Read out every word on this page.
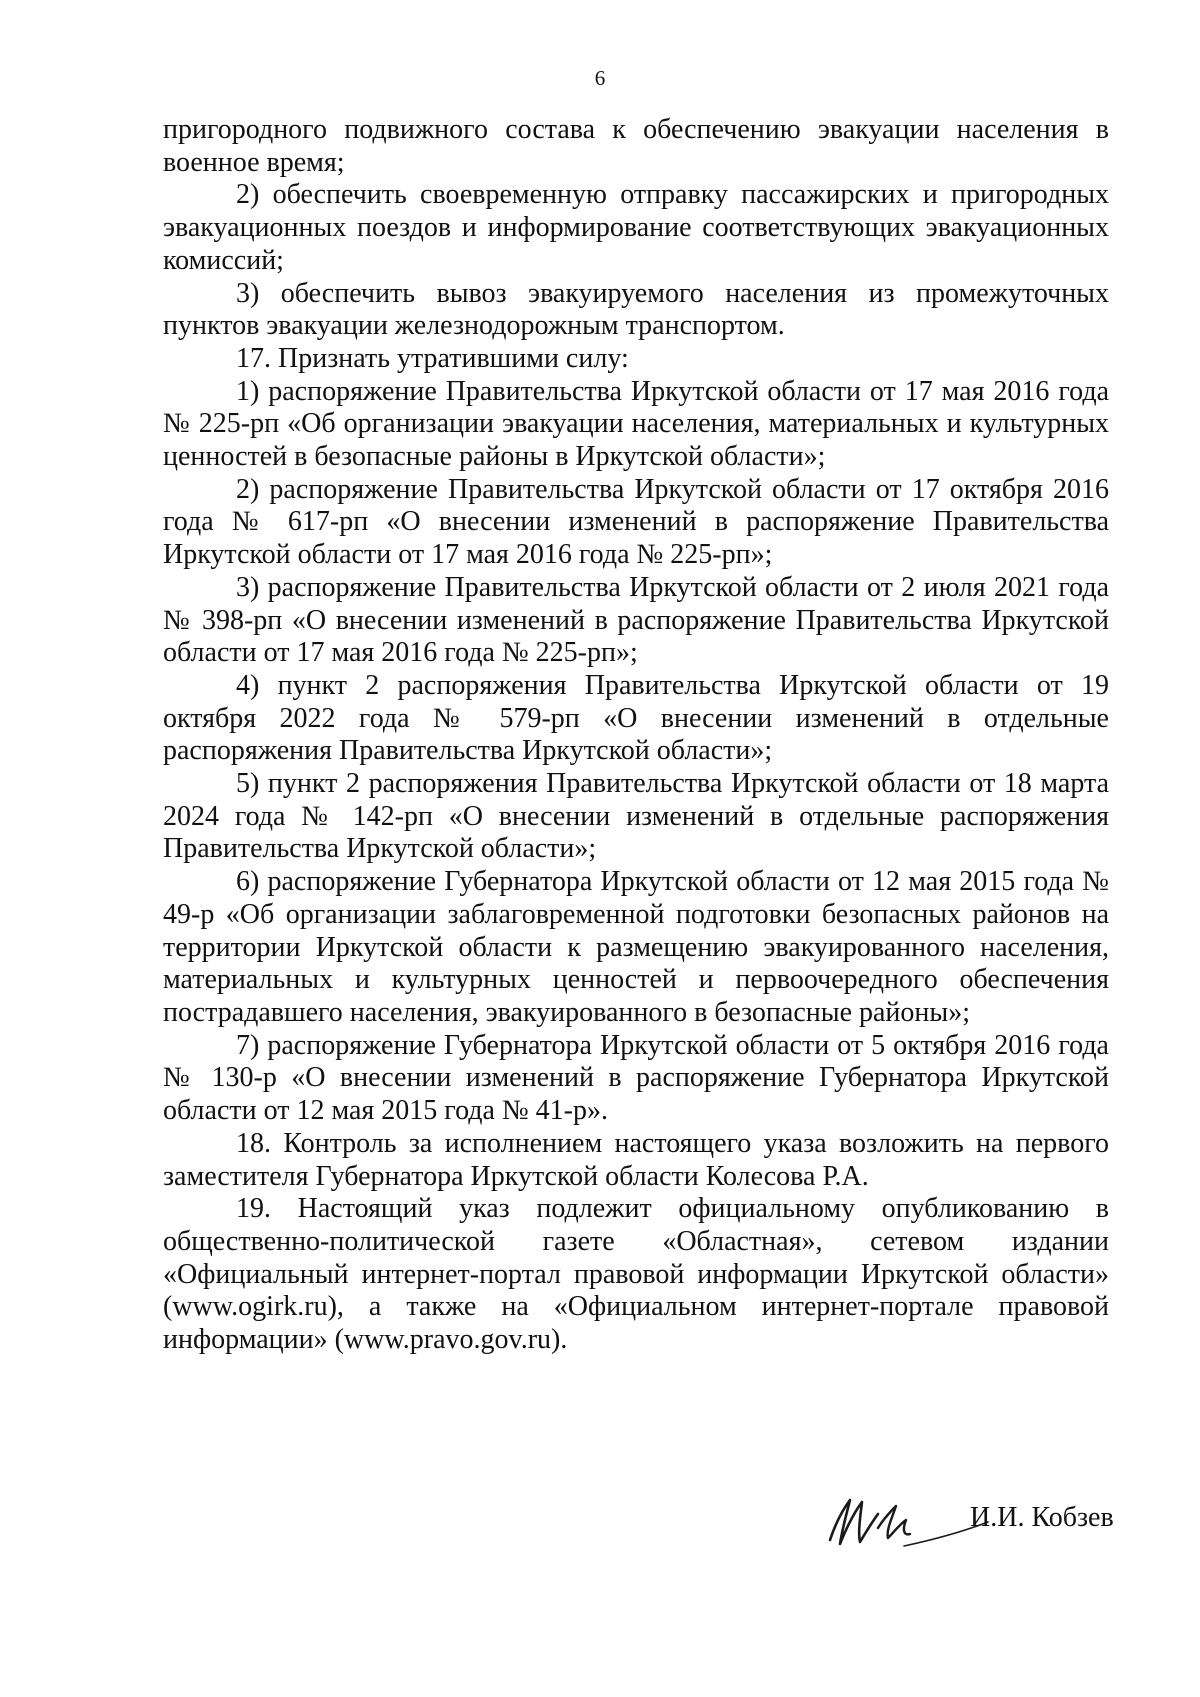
6

пригородного подвижного состава к обеспечению эвакуации населения в военное время;

2) обеспечить своевременную отправку пассажирских и пригородных эвакуационных поездов и информирование соответствующих эвакуационных комиссий;

3) обеспечить вывоз эвакуируемого населения из промежуточных пунктов эвакуации железнодорожным транспортом.

17. Признать утратившими силу:

1) распоряжение Правительства Иркутской области от 17 мая 2016 года № 225-рп «Об организации эвакуации населения, материальных и культурных ценностей в безопасные районы в Иркутской области»;

2) распоряжение Правительства Иркутской области от 17 октября 2016 года № 617-рп «О внесении изменений в распоряжение Правительства Иркутской области от 17 мая 2016 года № 225-рп»;

3) распоряжение Правительства Иркутской области от 2 июля 2021 года № 398-рп «О внесении изменений в распоряжение Правительства Иркутской области от 17 мая 2016 года № 225-рп»;

4) пункт 2 распоряжения Правительства Иркутской области от 19 октября 2022 года № 579-рп «О внесении изменений в отдельные распоряжения Правительства Иркутской области»;

5) пункт 2 распоряжения Правительства Иркутской области от 18 марта 2024 года № 142-рп «О внесении изменений в отдельные распоряжения Правительства Иркутской области»;

6) распоряжение Губернатора Иркутской области от 12 мая 2015 года № 49-р «Об организации заблаговременной подготовки безопасных районов на территории Иркутской области к размещению эвакуированного населения, материальных и культурных ценностей и первоочередного обеспечения пострадавшего населения, эвакуированного в безопасные районы»;

7) распоряжение Губернатора Иркутской области от 5 октября 2016 года № 130-р «О внесении изменений в распоряжение Губернатора Иркутской области от 12 мая 2015 года № 41-р».

18. Контроль за исполнением настоящего указа возложить на первого заместителя Губернатора Иркутской области Колесова Р.А.

19. Настоящий указ подлежит официальному опубликованию в общественно-политической газете «Областная», сетевом издании «Официальный интернет-портал правовой информации Иркутской области» (www.ogirk.ru), а также на «Официальном интернет-портале правовой информации» (www.pravo.gov.ru).

И.И. Кобзев
